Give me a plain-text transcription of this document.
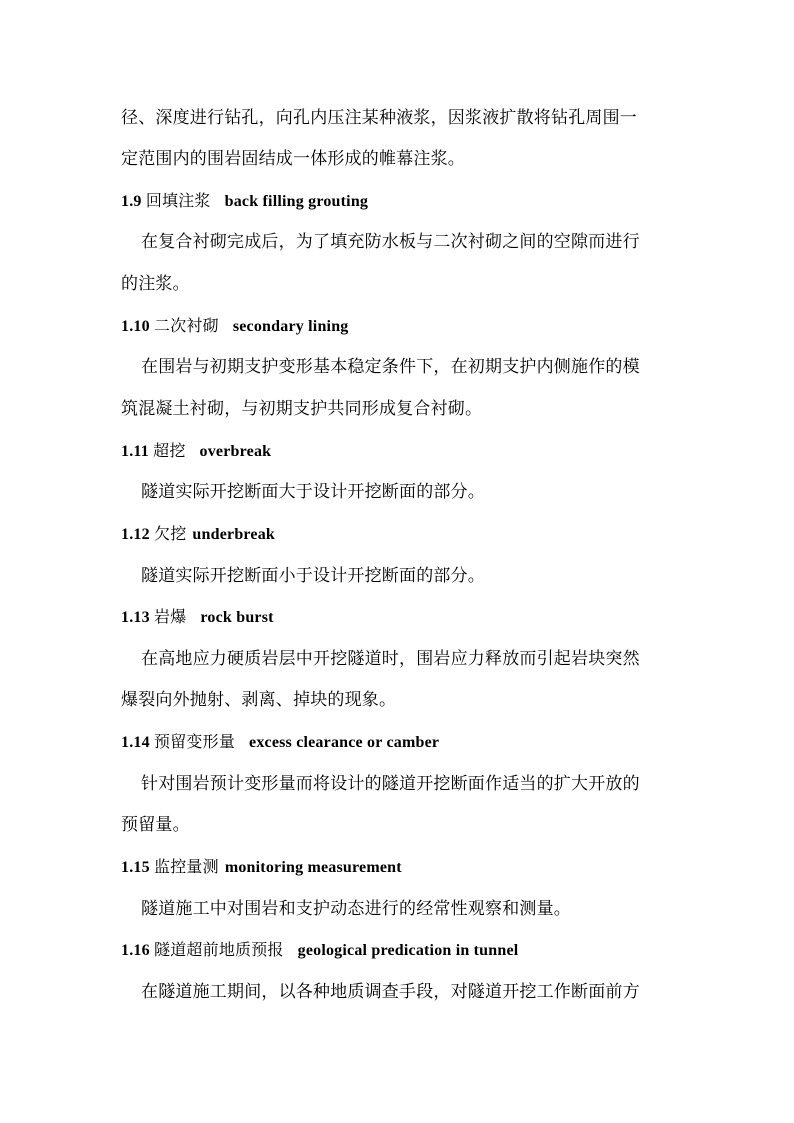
径、深度进行钻孔，向孔内压注某种液浆，因浆液扩散将钻孔周围一
定范围内的围岩固结成一体形成的帷幕注浆。
1.9 回填注浆 back filling grouting
在复合衬砌完成后，为了填充防水板与二次衬砌之间的空隙而进行
的注浆。
1.10 二次衬砌 secondary lining
在围岩与初期支护变形基本稳定条件下，在初期支护内侧施作的模
筑混凝土衬砌，与初期支护共同形成复合衬砌。
1.11 超挖 overbreak
隧道实际开挖断面大于设计开挖断面的部分。
1.12 欠挖 underbreak
隧道实际开挖断面小于设计开挖断面的部分。
1.13 岩爆 rock burst
在高地应力硬质岩层中开挖隧道时，围岩应力释放而引起岩块突然
爆裂向外抛射、剥离、掉块的现象。
1.14 预留变形量 excess clearance or camber
针对围岩预计变形量而将设计的隧道开挖断面作适当的扩大开放的
预留量。
1.15 监控量测 monitoring measurement
隧道施工中对围岩和支护动态进行的经常性观察和测量。
1.16 隧道超前地质预报 geological predication in tunnel
在隧道施工期间，以各种地质调查手段，对隧道开挖工作断面前方
